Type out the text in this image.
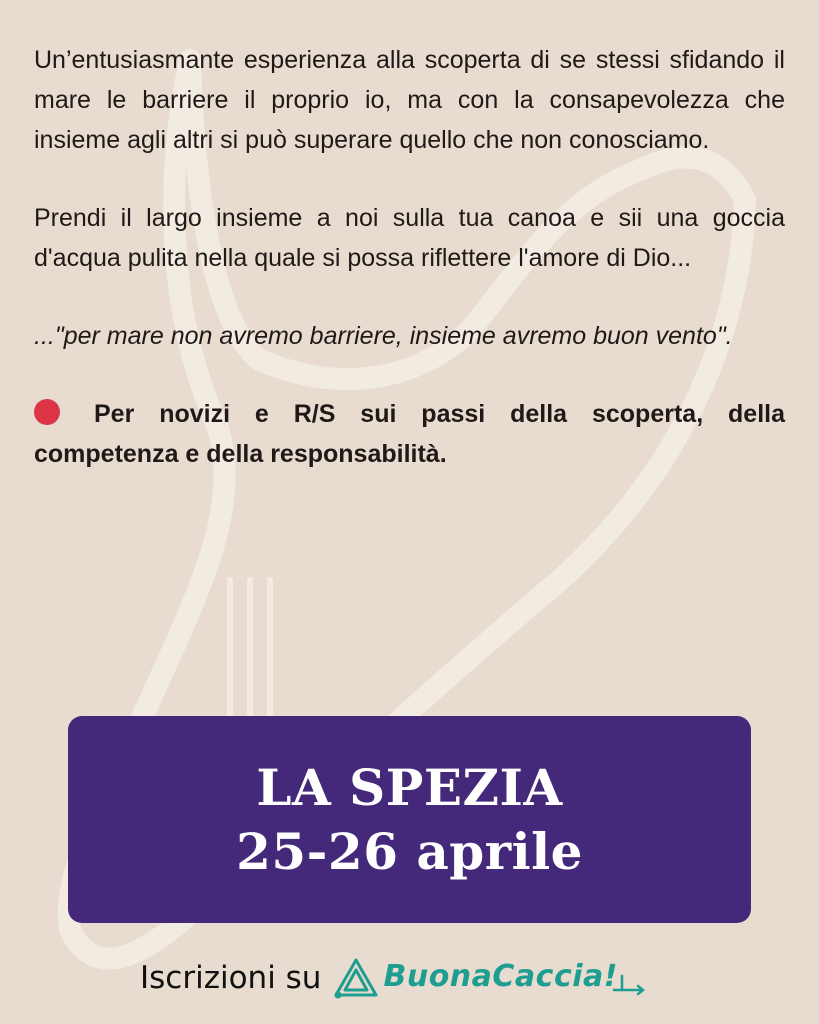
Un’entusiasmante esperienza alla scoperta di se stessi sfidando il mare le barriere il proprio io, ma con la consapevolezza che insieme agli altri si può superare quello che non conosciamo.

Prendi il largo insieme a noi sulla tua canoa e sii una goccia d'acqua pulita nella quale si possa riflettere l'amore di Dio...

..."per mare non avremo barriere, insieme avremo buon vento".

Per novizi e R/S sui passi della scoperta, della competenza e della responsabilità.

LA SPEZIA
25-26 aprile
Iscrizioni su BuonaCaccia!
